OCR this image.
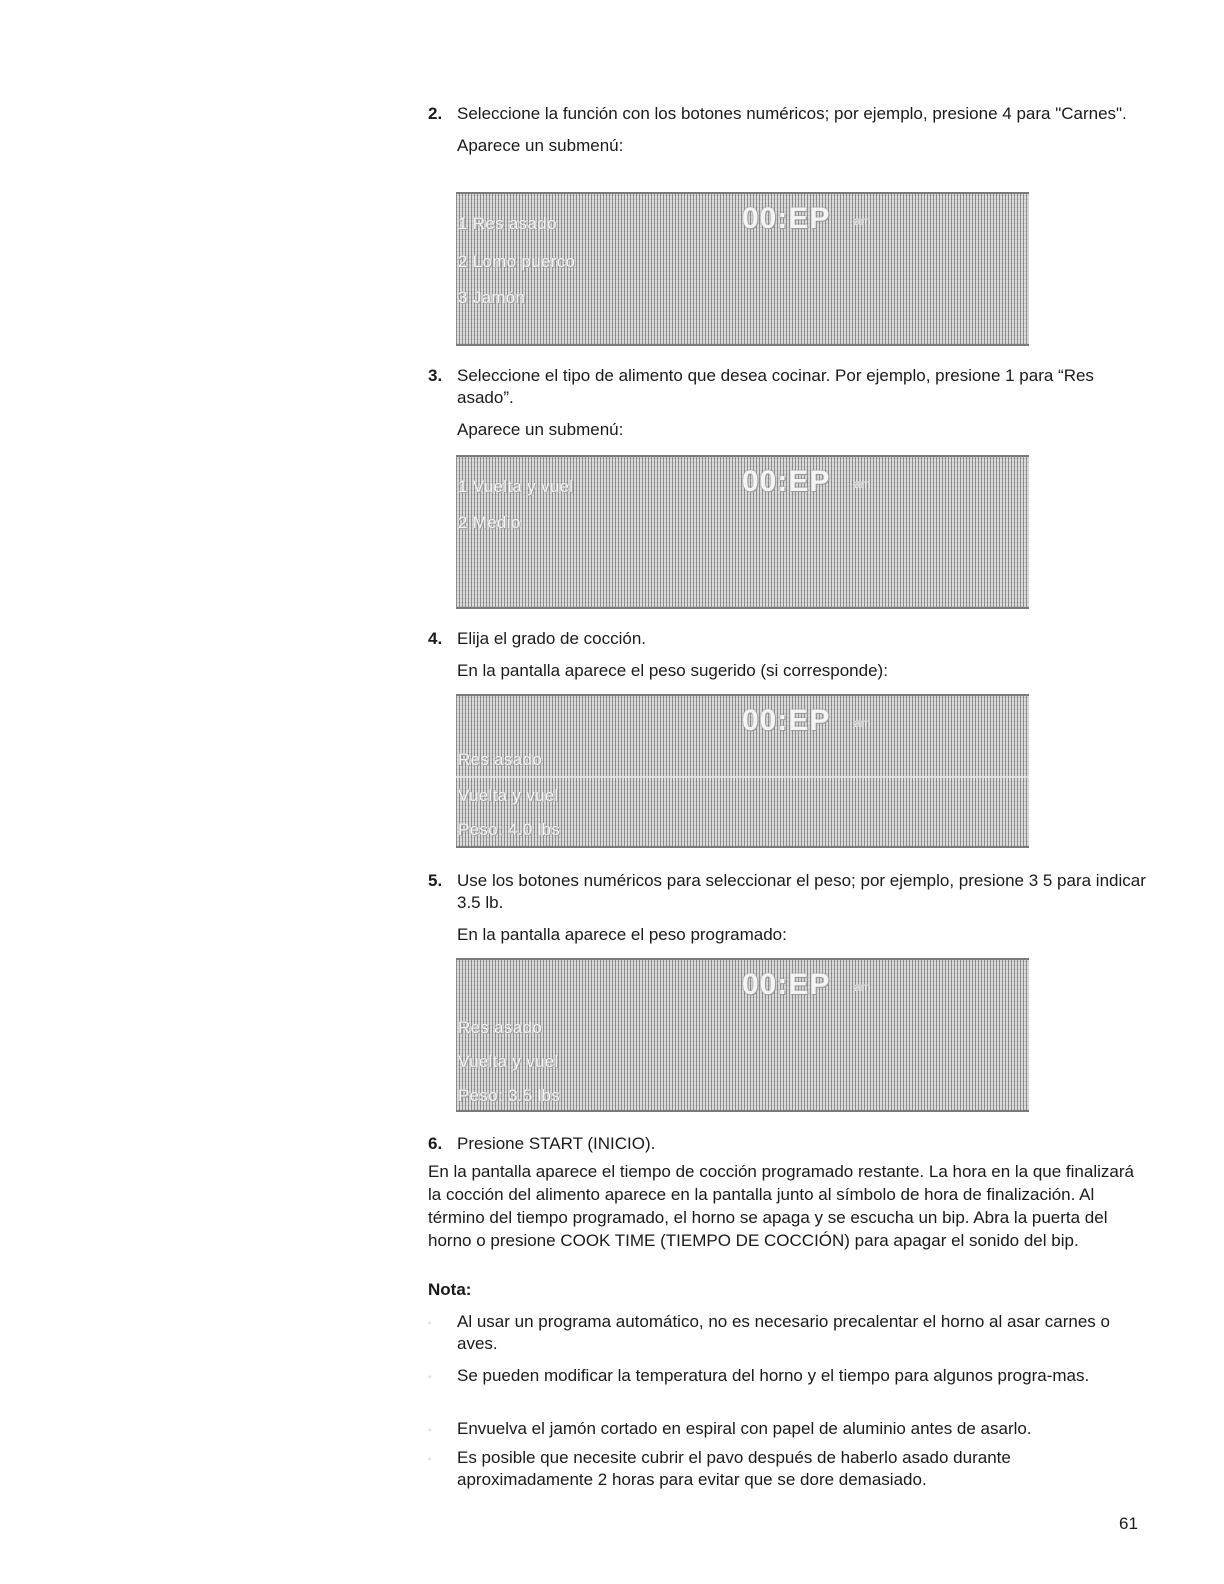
2. Seleccione la función con los botones numéricos; por ejemplo, presione 4 para "Carnes".
Aparece un submenú:
1 Res asado
2 Lomo puerco
3 Jamón
00:EP am
3. Seleccione el tipo de alimento que desea cocinar. Por ejemplo, presione 1 para “Res asado”.
Aparece un submenú:
1 Vuelta y vuel
2 Medio
00:EP am
4. Elija el grado de cocción.
En la pantalla aparece el peso sugerido (si corresponde):
00:EP am
Res asado
Vuelta y vuel
Peso: 4.0 lbs
5. Use los botones numéricos para seleccionar el peso; por ejemplo, presione 3 5 para indicar 3.5 lb.
En la pantalla aparece el peso programado:
00:EP am
Res asado
Vuelta y vuel
Peso: 3.5 lbs
6. Presione START (INICIO).
En la pantalla aparece el tiempo de cocción programado restante. La hora en la que finalizará la cocción del alimento aparece en la pantalla junto al símbolo de hora de finalización. Al término del tiempo programado, el horno se apaga y se escucha un bip. Abra la puerta del horno o presione COOK TIME (TIEMPO DE COCCIÓN) para apagar el sonido del bip.
Nota:
◦ Al usar un programa automático, no es necesario precalentar el horno al asar carnes o aves.
◦ Se pueden modificar la temperatura del horno y el tiempo para algunos progra-mas.
◦ Envuelva el jamón cortado en espiral con papel de aluminio antes de asarlo.
◦ Es posible que necesite cubrir el pavo después de haberlo asado durante aproximadamente 2 horas para evitar que se dore demasiado.
61
